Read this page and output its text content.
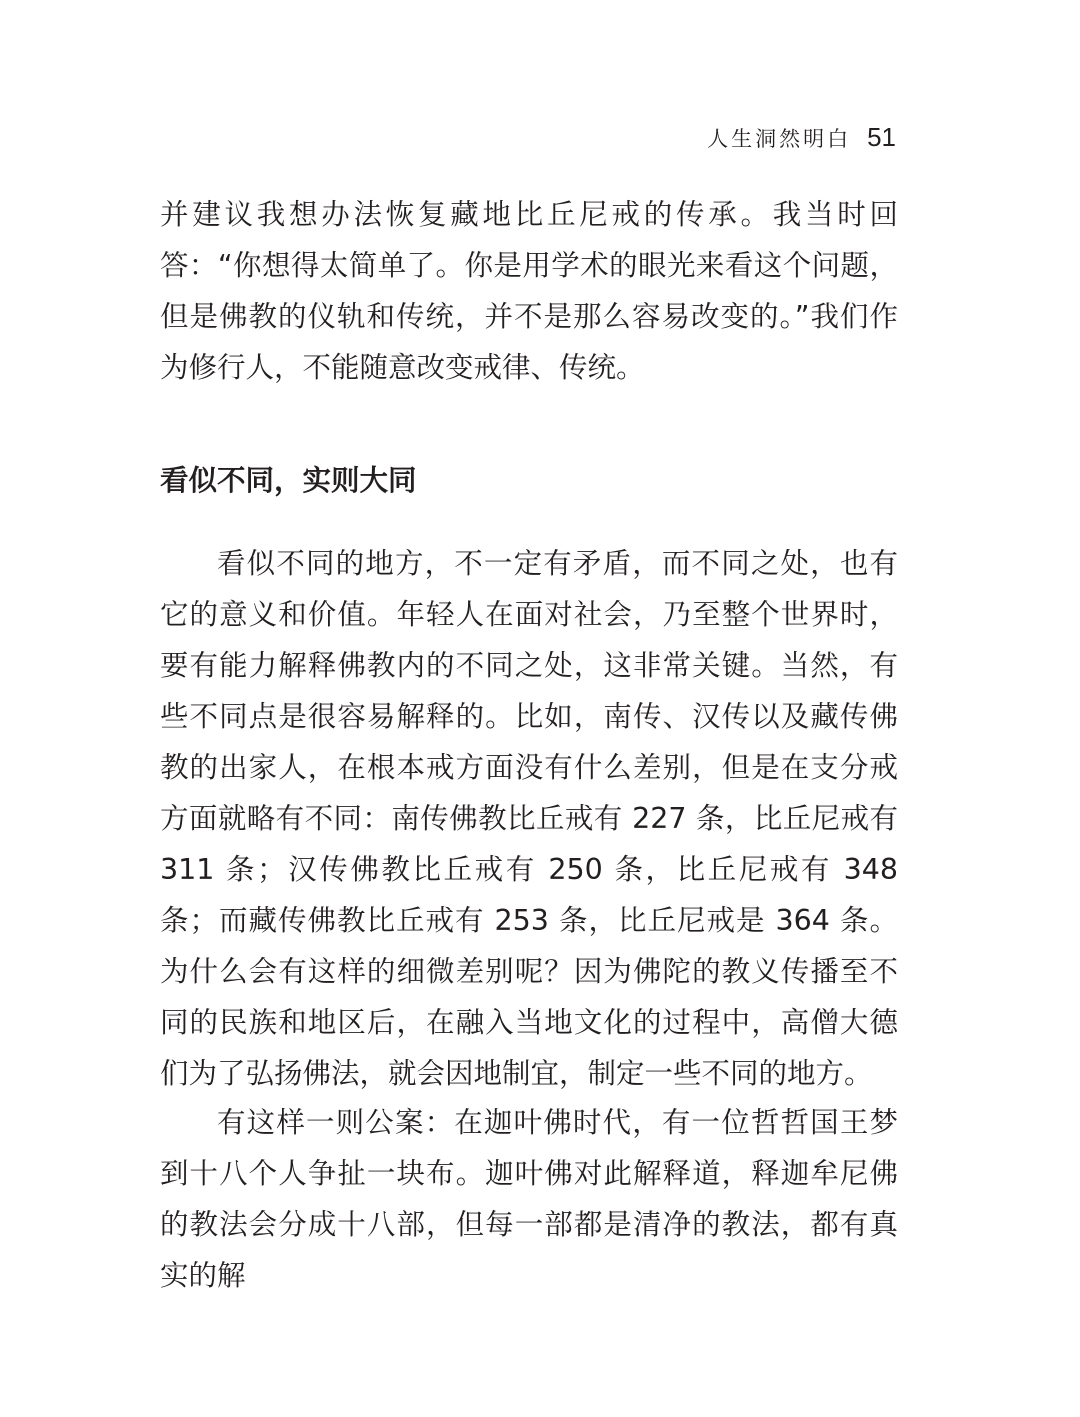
人生洞然明白 51

并建议我想办法恢复藏地比丘尼戒的传承。我当时回答：“你想得太简单了。你是用学术的眼光来看这个问题，但是佛教的仪轨和传统，并不是那么容易改变的。”我们作为修行人，不能随意改变戒律、传统。

看似不同，实则大同

看似不同的地方，不一定有矛盾，而不同之处，也有它的意义和价值。年轻人在面对社会，乃至整个世界时，要有能力解释佛教内的不同之处，这非常关键。当然，有些不同点是很容易解释的。比如，南传、汉传以及藏传佛教的出家人，在根本戒方面没有什么差别，但是在支分戒方面就略有不同：南传佛教比丘戒有 227 条，比丘尼戒有 311 条；汉传佛教比丘戒有 250 条，比丘尼戒有 348 条；而藏传佛教比丘戒有 253 条，比丘尼戒是 364 条。为什么会有这样的细微差别呢？因为佛陀的教义传播至不同的民族和地区后，在融入当地文化的过程中，高僧大德们为了弘扬佛法，就会因地制宜，制定一些不同的地方。

有这样一则公案：在迦叶佛时代，有一位哲哲国王梦到十八个人争扯一块布。迦叶佛对此解释道，释迦牟尼佛的教法会分成十八部，但每一部都是清净的教法，都有真实的解
